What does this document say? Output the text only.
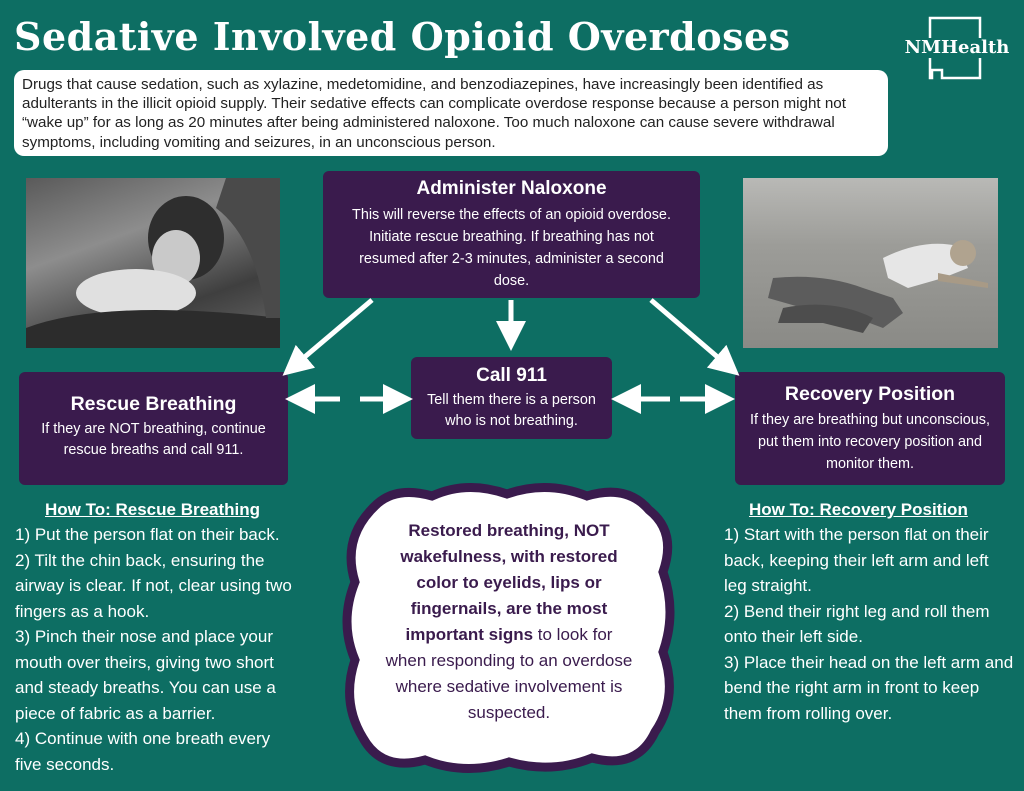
Sedative Involved Opioid Overdoses	NMHealth
Drugs that cause sedation, such as xylazine, medetomidine, and benzodiazepines, have increasingly been identified as adulterants in the illicit opioid supply. Their sedative effects can complicate overdose response because a person might not “wake up” for as long as 20 minutes after being administered naloxone. Too much naloxone can cause severe withdrawal symptoms, including vomiting and seizures, in an unconscious person.
Administer Naloxone

This will reverse the effects of an opioid overdose. Initiate rescue breathing. If breathing has not resumed after 2-3 minutes, administer a second dose.

Call 911

Tell them there is a person who is not breathing.

Rescue Breathing

If they are NOT breathing, continue rescue breaths and call 911.

Recovery Position

If they are breathing but unconscious, put them into recovery position and monitor them.

How To: Rescue Breathing
1) Put the person flat on their back.
2) Tilt the chin back, ensuring the airway is clear. If not, clear using two fingers as a hook.
3) Pinch their nose and place your mouth over theirs, giving two short and steady breaths. You can use a piece of fabric as a barrier.
4) Continue with one breath every five seconds.
How To: Recovery Position
1) Start with the person flat on their back, keeping their left arm and left leg straight.
2) Bend their right leg and roll them onto their left side.
3) Place their head on the left arm and bend the right arm in front to keep them from rolling over.
Restored breathing, NOT wakefulness, with restored color to eyelids, lips or fingernails, are the most important signs to look for when responding to an overdose where sedative involvement is suspected.
